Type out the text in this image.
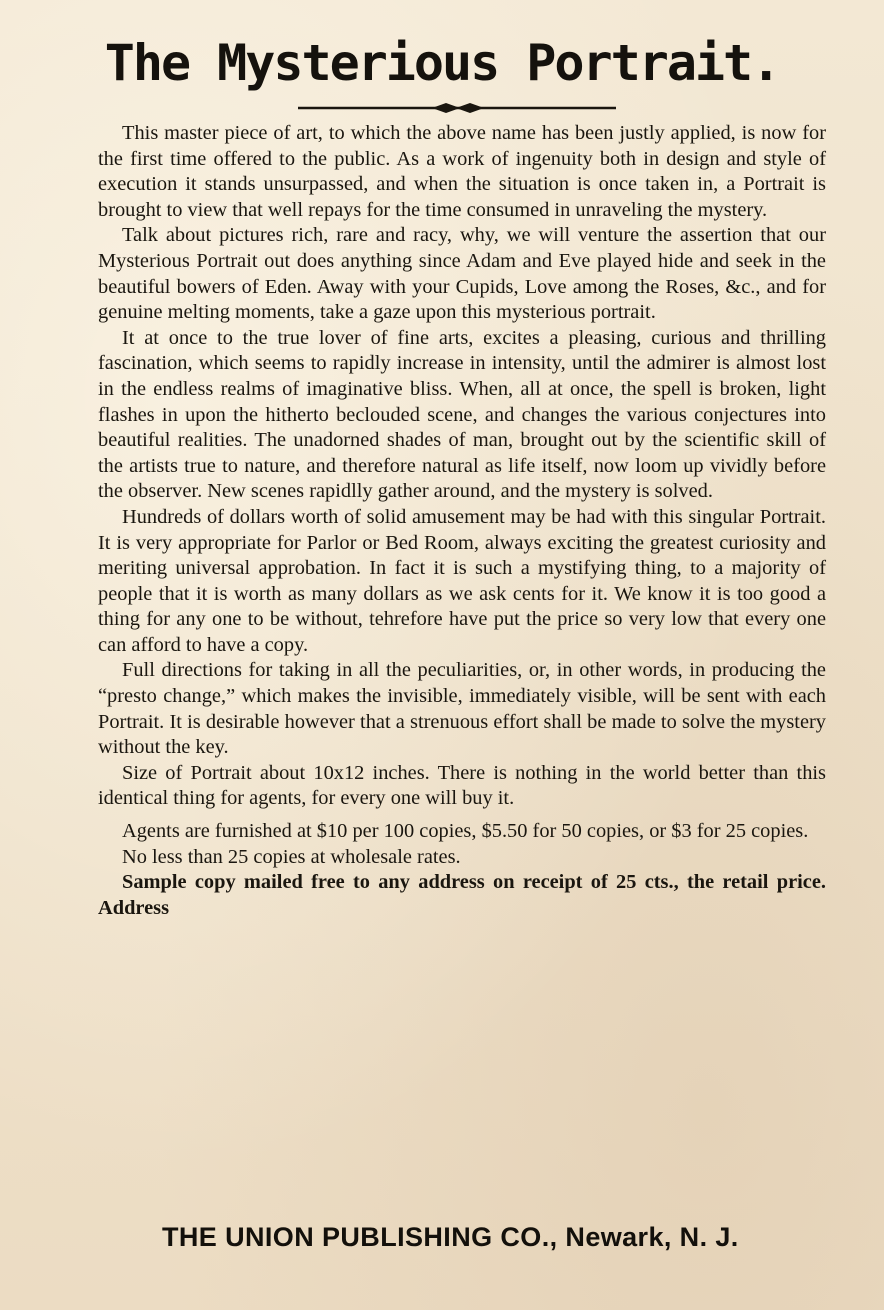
The Mysterious Portrait.

This master piece of art, to which the above name has been justly applied, is now for the first time offered to the public. As a work of ingenuity both in design and style of execution it stands unsurpassed, and when the situation is once taken in, a Portrait is brought to view that well repays for the time consumed in unraveling the mystery.

Talk about pictures rich, rare and racy, why, we will venture the assertion that our Mysterious Portrait out does anything since Adam and Eve played hide and seek in the beautiful bowers of Eden. Away with your Cupids, Love among the Roses, &c., and for genuine melting moments, take a gaze upon this mysterious portrait.

It at once to the true lover of fine arts, excites a pleasing, curious and thrilling fascination, which seems to rapidly increase in intensity, until the admirer is almost lost in the endless realms of imaginative bliss. When, all at once, the spell is broken, light flashes in upon the hitherto beclouded scene, and changes the various conjectures into beautiful realities. The unadorned shades of man, brought out by the scientific skill of the artists true to nature, and therefore natural as life itself, now loom up vividly before the observer. New scenes rapidlly gather around, and the mystery is solved.

Hundreds of dollars worth of solid amusement may be had with this singular Portrait. It is very appropriate for Parlor or Bed Room, always exciting the greatest curiosity and meriting universal approbation. In fact it is such a mystifying thing, to a majority of people that it is worth as many dollars as we ask cents for it. We know it is too good a thing for any one to be without, tehrefore have put the price so very low that every one can afford to have a copy.

Full directions for taking in all the peculiarities, or, in other words, in producing the “presto change,” which makes the invisible, immediately visible, will be sent with each Portrait. It is desirable however that a strenuous effort shall be made to solve the mystery without the key.

Size of Portrait about 10x12 inches. There is nothing in the world better than this identical thing for agents, for every one will buy it.

Agents are furnished at $10 per 100 copies, $5.50 for 50 copies, or $3 for 25 copies.

No less than 25 copies at wholesale rates.

Sample copy mailed free to any address on receipt of 25 cts., the retail price. Address

THE UNION PUBLISHING CO., Newark, N. J.
